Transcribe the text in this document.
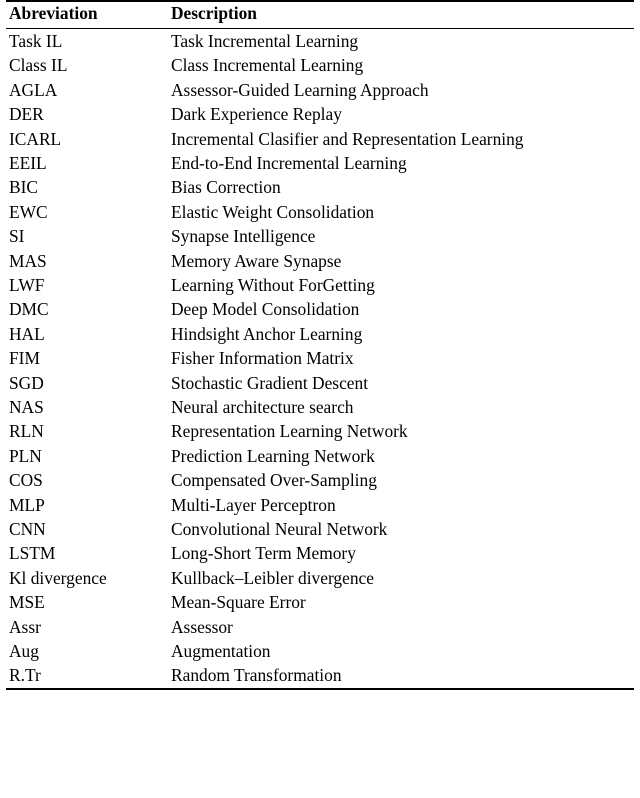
Abreviation	Description
Task IL	Task Incremental Learning
Class IL	Class Incremental Learning
AGLA	Assessor-Guided Learning Approach
DER	Dark Experience Replay
ICARL	Incremental Clasifier and Representation Learning
EEIL	End-to-End Incremental Learning
BIC	Bias Correction
EWC	Elastic Weight Consolidation
SI	Synapse Intelligence
MAS	Memory Aware Synapse
LWF	Learning Without ForGetting
DMC	Deep Model Consolidation
HAL	Hindsight Anchor Learning
FIM	Fisher Information Matrix
SGD	Stochastic Gradient Descent
NAS	Neural architecture search
RLN	Representation Learning Network
PLN	Prediction Learning Network
COS	Compensated Over-Sampling
MLP	Multi-Layer Perceptron
CNN	Convolutional Neural Network
LSTM	Long-Short Term Memory
Kl divergence	Kullback–Leibler divergence
MSE	Mean-Square Error
Assr	Assessor
Aug	Augmentation
R.Tr	Random Transformation
